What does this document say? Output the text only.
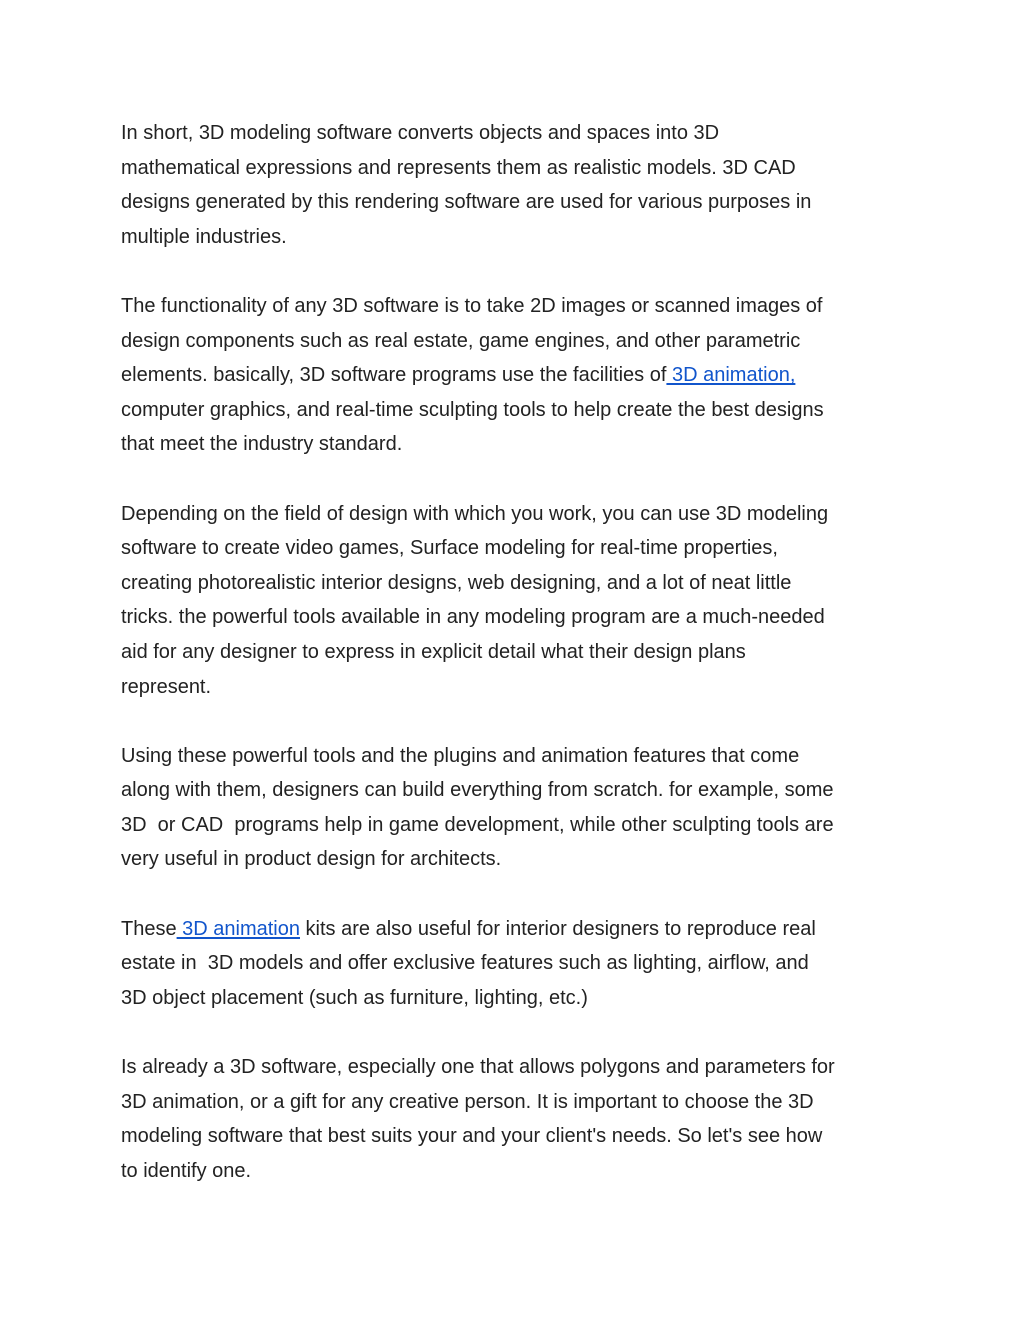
In short, 3D modeling software converts objects and spaces into 3D
mathematical expressions and represents them as realistic models. 3D CAD
designs generated by this rendering software are used for various purposes in
multiple industries.
The functionality of any 3D software is to take 2D images or scanned images of
design components such as real estate, game engines, and other parametric
elements. basically, 3D software programs use the facilities of 3D animation,
computer graphics, and real-time sculpting tools to help create the best designs
that meet the industry standard.
Depending on the field of design with which you work, you can use 3D modeling
software to create video games, Surface modeling for real-time properties,
creating photorealistic interior designs, web designing, and a lot of neat little
tricks. the powerful tools available in any modeling program are a much-needed
aid for any designer to express in explicit detail what their design plans
represent.
Using these powerful tools and the plugins and animation features that come
along with them, designers can build everything from scratch. for example, some
3D  or CAD  programs help in game development, while other sculpting tools are
very useful in product design for architects.
These 3D animation kits are also useful for interior designers to reproduce real
estate in  3D models and offer exclusive features such as lighting, airflow, and
3D object placement (such as furniture, lighting, etc.)
Is already a 3D software, especially one that allows polygons and parameters for
3D animation, or a gift for any creative person. It is important to choose the 3D
modeling software that best suits your and your client's needs. So let's see how
to identify one.
